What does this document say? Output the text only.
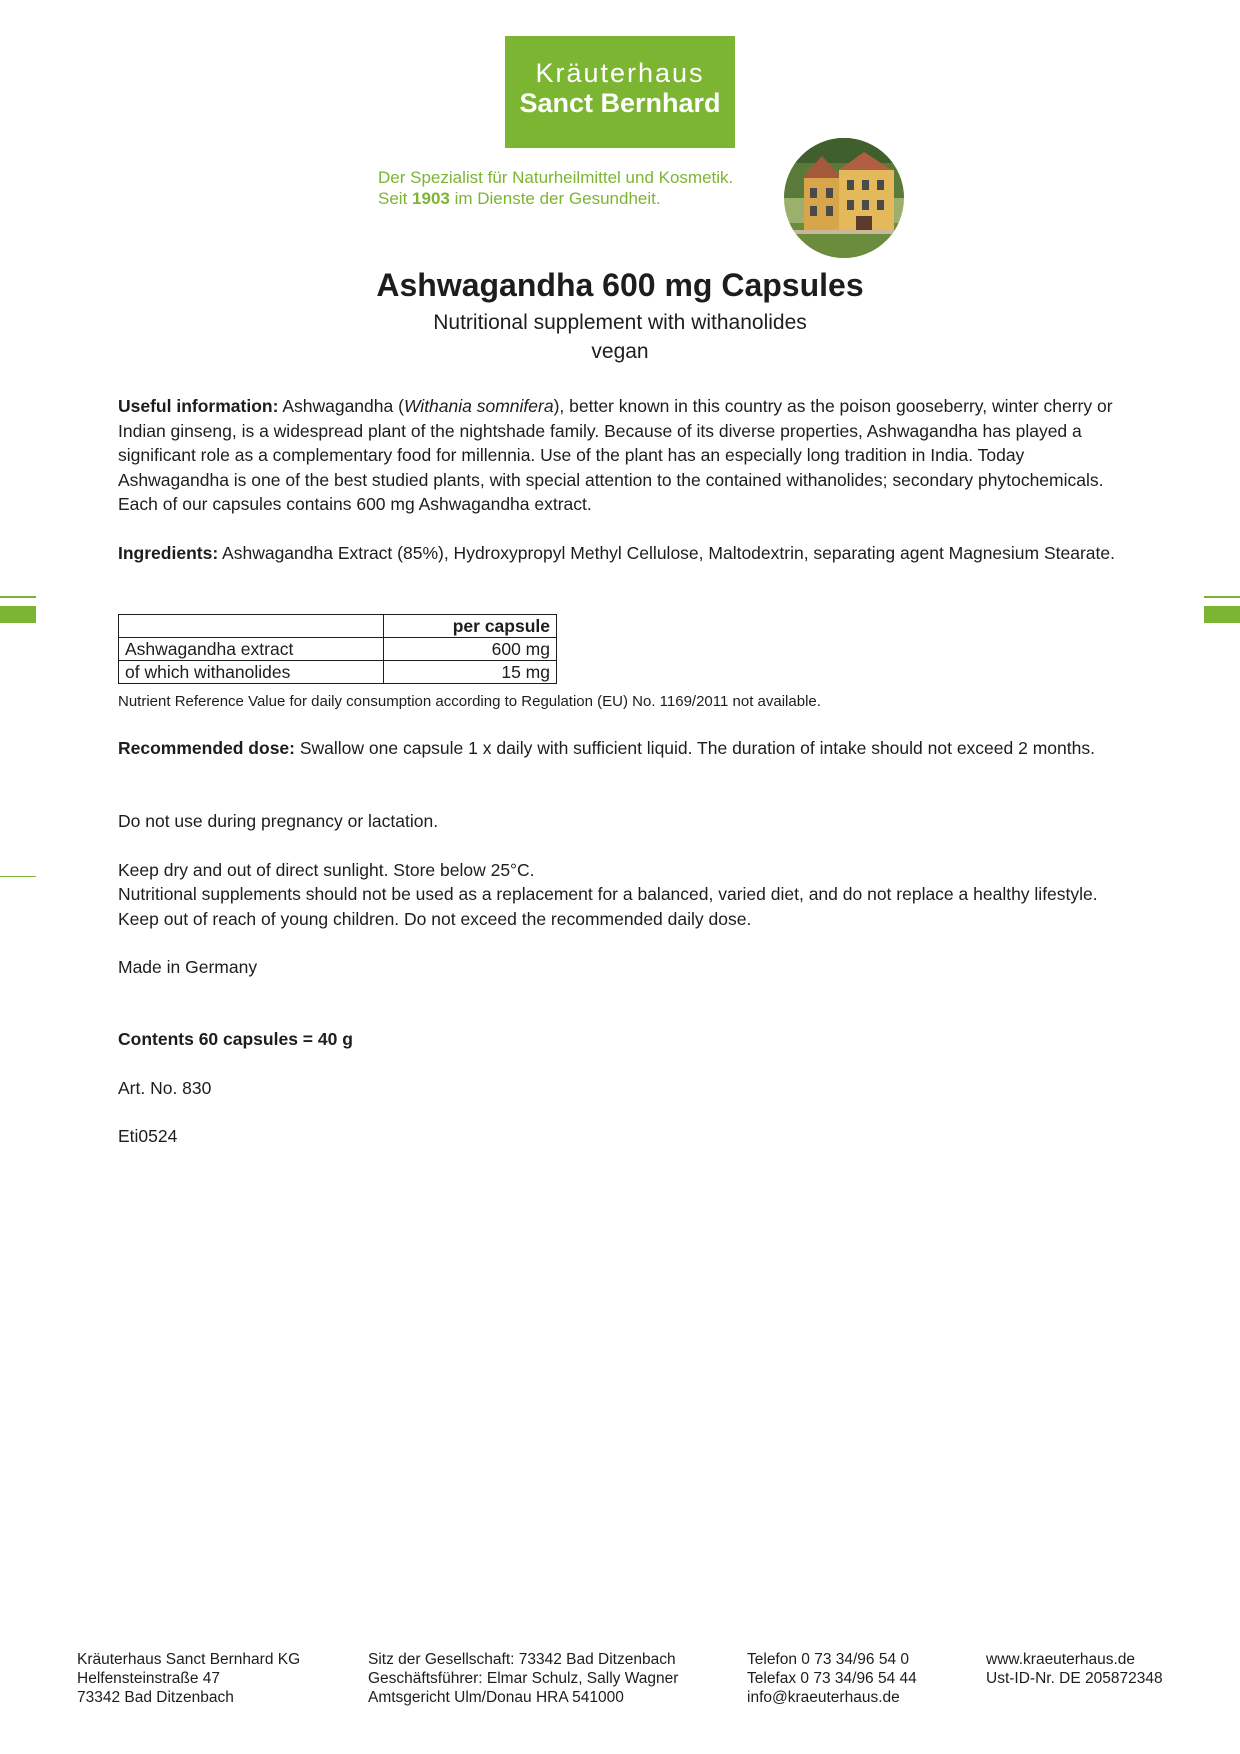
Kräuterhaus
Sanct Bernhard
Der Spezialist für Naturheilmittel und Kosmetik.
Seit 1903 im Dienste der Gesundheit.
Ashwagandha 600 mg Capsules
Nutritional supplement with withanolides
vegan
Useful information: Ashwagandha (Withania somnifera), better known in this country as the poison gooseberry, winter cherry or Indian ginseng, is a widespread plant of the nightshade family. Because of its diverse properties, Ashwagandha has played a significant role as a complementary food for millennia. Use of the plant has an especially long tradition in India. Today Ashwagandha is one of the best studied plants, with special attention to the contained withanolides; secondary phytochemicals. Each of our capsules contains 600 mg Ashwagandha extract.
Ingredients: Ashwagandha Extract (85%), Hydroxypropyl Methyl Cellulose, Maltodextrin, separating agent Magnesium Stearate.
	per capsule
Ashwagandha extract	600 mg
of which withanolides	15 mg
Nutrient Reference Value for daily consumption according to Regulation (EU) No. 1169/2011 not available.
Recommended dose: Swallow one capsule 1 x daily with sufficient liquid. The duration of intake should not exceed 2 months.
Do not use during pregnancy or lactation.
Keep dry and out of direct sunlight. Store below 25°C.
Nutritional supplements should not be used as a replacement for a balanced, varied diet, and do not replace a healthy lifestyle. Keep out of reach of young children. Do not exceed the recommended daily dose.
Made in Germany
Contents 60 capsules = 40 g
Art. No. 830
Eti0524
Kräuterhaus Sanct Bernhard KG
Helfensteinstraße 47
73342 Bad Ditzenbach
Sitz der Gesellschaft: 73342 Bad Ditzenbach
Geschäftsführer: Elmar Schulz, Sally Wagner
Amtsgericht Ulm/Donau HRA 541000
Telefon 0 73 34/96 54 0
Telefax 0 73 34/96 54 44
info@kraeuterhaus.de
www.kraeuterhaus.de
Ust-ID-Nr. DE 205872348
